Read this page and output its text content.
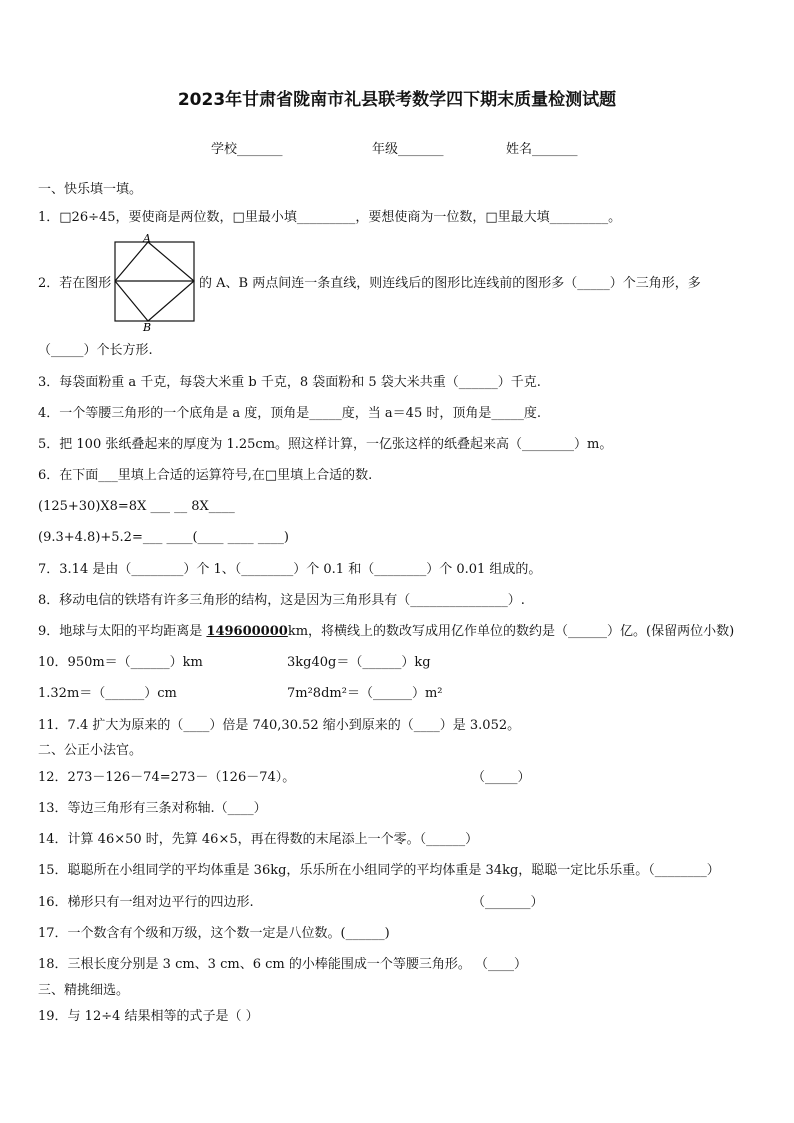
2023年甘肃省陇南市礼县联考数学四下期末质量检测试题
学校_______	年级_______	姓名_______
一、快乐填一填。
1．□26÷45，要使商是两位数，□里最小填_________，要想使商为一位数，□里最大填_________。
2．若在图形
A
B
的 A、B 两点间连一条直线，则连线后的图形比连线前的图形多（_____）个三角形，多
（_____）个长方形.
3．每袋面粉重 a 千克，每袋大米重 b 千克，8 袋面粉和 5 袋大米共重（______）千克.
4．一个等腰三角形的一个底角是 a 度，顶角是_____度，当 a＝45 时，顶角是_____度.
5．把 100 张纸叠起来的厚度为 1.25cm。照这样计算，一亿张这样的纸叠起来高（________）m。
6．在下面___里填上合适的运算符号,在□里填上合适的数.
(125+30)X8=8X ___ __ 8X____
(9.3+4.8)+5.2=___ ____(____ ____ ____)
7．3.14 是由（________）个 1、（________）个 0.1 和（________）个 0.01 组成的。
8．移动电信的铁塔有许多三角形的结构，这是因为三角形具有（_______________）.
9．地球与太阳的平均距离是 149600000km，将横线上的数改写成用亿作单位的数约是（______）亿。(保留两位小数)
10．950m＝（______）km	3kg40g＝（______）kg
1.32m＝（______）cm	7m²8dm²＝（______）m²
11．7.4 扩大为原来的（____）倍是 740,30.52 缩小到原来的（____）是 3.052。
二、公正小法官。
12．273－126－74=273－（126－74）。	（_____）
13．等边三角形有三条对称轴.（____）
14．计算 46×50 时，先算 46×5，再在得数的末尾添上一个零。（______）
15．聪聪所在小组同学的平均体重是 36kg，乐乐所在小组同学的平均体重是 34kg，聪聪一定比乐乐重。（________）
16．梯形只有一组对边平行的四边形.	（_______）
17．一个数含有个级和万级，这个数一定是八位数。(______)
18．三根长度分别是 3 cm、3 cm、6 cm 的小棒能围成一个等腰三角形。 （____）
三、精挑细选。
19．与 12÷4 结果相等的式子是（ ）
